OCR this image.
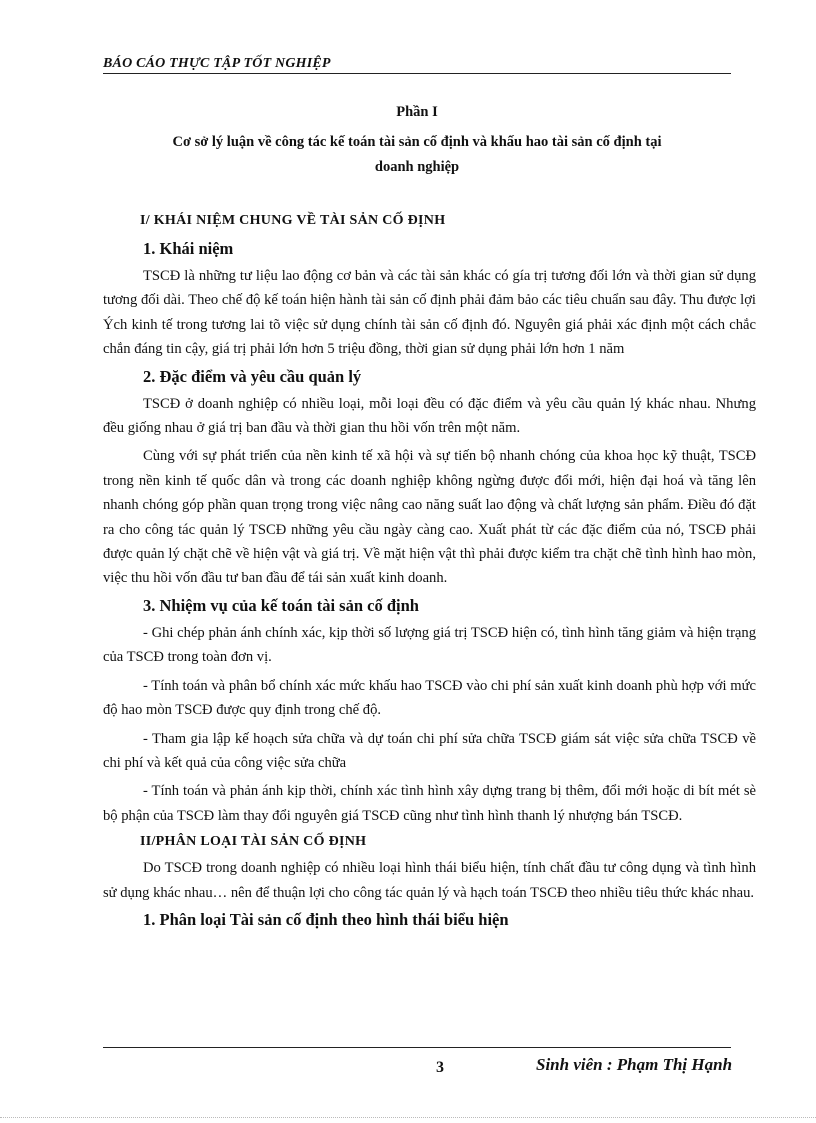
BÁO CÁO THỰC TẬP TỐT NGHIỆP
Phần I
Cơ sở lý luận về công tác kế toán tài sản cố định và khấu hao tài sản cố định tại
doanh nghiệp
I/ KHÁI NIỆM CHUNG VỀ TÀI SẢN CỐ ĐỊNH
1. Khái niệm

TSCĐ là những tư liệu lao động cơ bản và các tài sản khác có gía trị tương đối lớn và thời gian sử dụng tương đối dài. Theo chế độ kế toán hiện hành tài sản cố định phải đảm bảo các tiêu chuẩn sau đây. Thu được lợi Ých kinh tế trong tương lai tõ việc sử dụng chính tài sản cố định đó. Nguyên giá phải xác định một cách chắc chắn đáng tin cậy, giá trị phải lớn hơn 5 triệu đồng, thời gian sử dụng phải lớn hơn 1 năm

2. Đặc điểm và yêu cầu quản lý

TSCĐ ở doanh nghiệp có nhiều loại, mỗi loại đều có đặc điểm và yêu cầu quản lý khác nhau. Nhưng đều giống nhau ở giá trị ban đầu và thời gian thu hồi vốn trên một năm.

Cùng với sự phát triển của nền kinh tế xã hội và sự tiến bộ nhanh chóng của khoa học kỹ thuật, TSCĐ trong nền kinh tế quốc dân và trong các doanh nghiệp không ngừng được đổi mới, hiện đại hoá và tăng lên nhanh chóng góp phần quan trọng trong việc nâng cao năng suất lao động và chất lượng sản phẩm. Điều đó đặt ra cho công tác quản lý TSCĐ những yêu cầu ngày càng cao. Xuất phát từ các đặc điểm của nó, TSCĐ phải được quản lý chặt chẽ về hiện vật và giá trị. Về mặt hiện vật thì phải được kiểm tra chặt chẽ tình hình hao mòn, việc thu hồi vốn đầu tư ban đầu để tái sản xuất kinh doanh.

3. Nhiệm vụ của kế toán tài sản cố định

- Ghi chép phản ánh chính xác, kịp thời số lượng giá trị TSCĐ hiện có, tình hình tăng giảm và hiện trạng của TSCĐ trong toàn đơn vị.

- Tính toán và phân bổ chính xác mức khấu hao TSCĐ vào chi phí sản xuất kinh doanh phù hợp với mức độ hao mòn TSCĐ được quy định trong chế độ.

- Tham gia lập kế hoạch sửa chữa và dự toán chi phí sửa chữa TSCĐ giám sát việc sửa chữa TSCĐ về chi phí và kết quả của công việc sửa chữa

- Tính toán và phản ánh kịp thời, chính xác tình hình xây dựng trang bị thêm, đổi mới hoặc di bít mét sè bộ phận của TSCĐ làm thay đổi nguyên giá TSCĐ cũng như tình hình thanh lý nhượng bán TSCĐ.

II/PHÂN LOẠI TÀI SẢN CỐ ĐỊNH

Do TSCĐ trong doanh nghiệp có nhiều loại hình thái biểu hiện, tính chất đầu tư công dụng và tình hình sử dụng khác nhau… nên để thuận lợi cho công tác quản lý và hạch toán TSCĐ theo nhiều tiêu thức khác nhau.

1. Phân loại Tài sản cố định theo hình thái biểu hiện
3	Sinh viên : Phạm Thị Hạnh
